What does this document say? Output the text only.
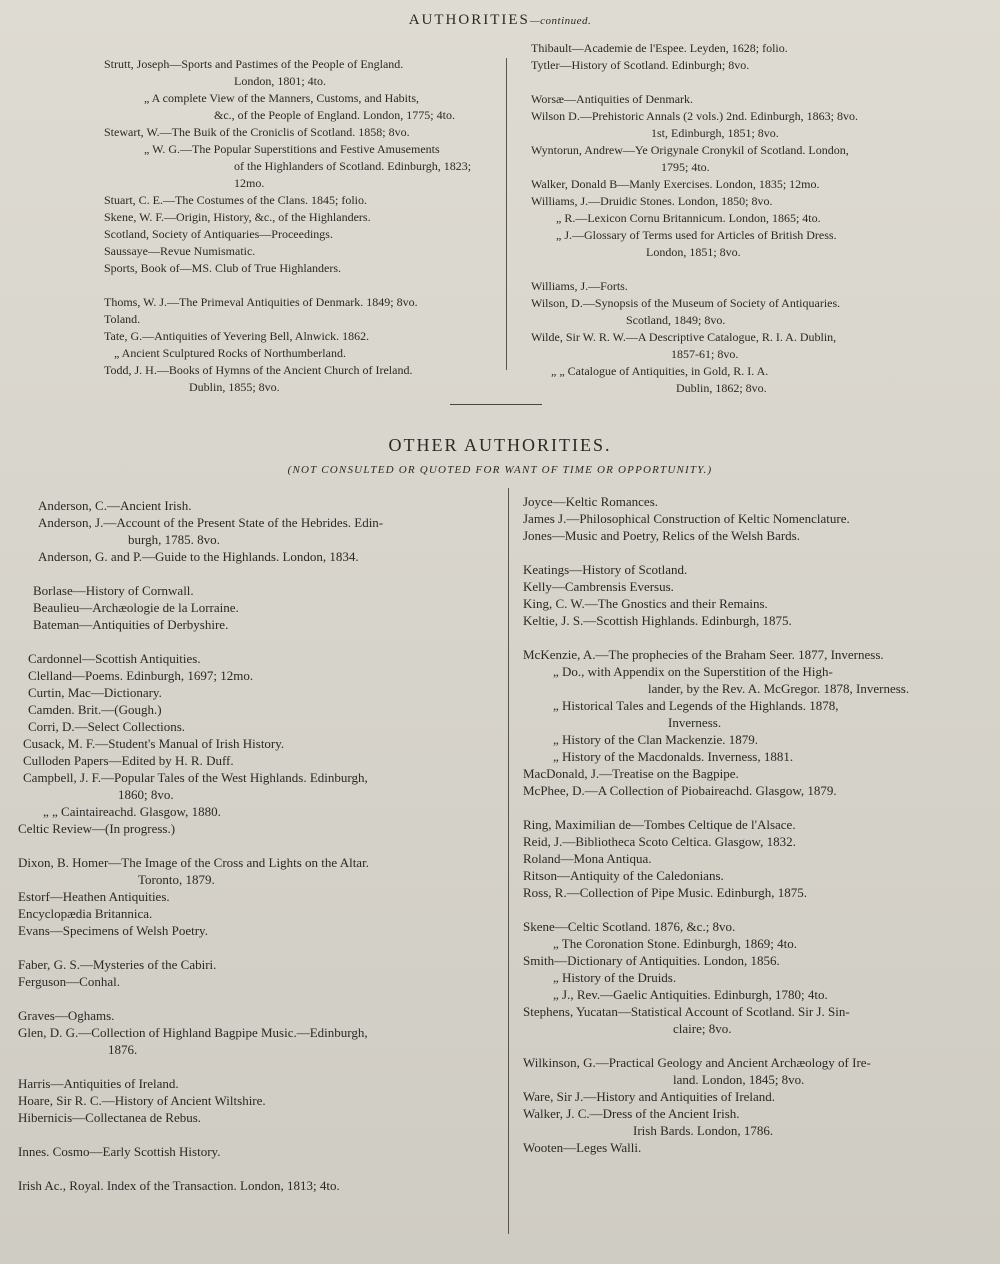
AUTHORITIES—continued.
Strutt, Joseph—Sports and Pastimes of the People of England.
London, 1801; 4to.
„ A complete View of the Manners, Customs, and Habits,
&c., of the People of England. London, 1775; 4to.
Stewart, W.—The Buik of the Croniclis of Scotland. 1858; 8vo.
„ W. G.—The Popular Superstitions and Festive Amusements
of the Highlanders of Scotland. Edinburgh, 1823;
12mo.
Stuart, C. E.—The Costumes of the Clans. 1845; folio.
Skene, W. F.—Origin, History, &c., of the Highlanders.
Scotland, Society of Antiquaries—Proceedings.
Saussaye—Revue Numismatic.
Sports, Book of—MS. Club of True Highlanders.
Thoms, W. J.—The Primeval Antiquities of Denmark. 1849; 8vo.
Toland.
Tate, G.—Antiquities of Yevering Bell, Alnwick. 1862.
„ Ancient Sculptured Rocks of Northumberland.
Todd, J. H.—Books of Hymns of the Ancient Church of Ireland.
Dublin, 1855; 8vo.
Thibault—Academie de l'Espee. Leyden, 1628; folio.
Tytler—History of Scotland. Edinburgh; 8vo.
Worsæ—Antiquities of Denmark.
Wilson D.—Prehistoric Annals (2 vols.) 2nd. Edinburgh, 1863; 8vo.
1st, Edinburgh, 1851; 8vo.
Wyntorun, Andrew—Ye Origynale Cronykil of Scotland. London,
1795; 4to.
Walker, Donald B—Manly Exercises. London, 1835; 12mo.
Williams, J.—Druidic Stones. London, 1850; 8vo.
„ R.—Lexicon Cornu Britannicum. London, 1865; 4to.
„ J.—Glossary of Terms used for Articles of British Dress.
London, 1851; 8vo.
Williams, J.—Forts.
Wilson, D.—Synopsis of the Museum of Society of Antiquaries.
Scotland, 1849; 8vo.
Wilde, Sir W. R. W.—A Descriptive Catalogue, R. I. A. Dublin,
1857-61; 8vo.
„ „ Catalogue of Antiquities, in Gold, R. I. A.
Dublin, 1862; 8vo.
OTHER AUTHORITIES.
(NOT CONSULTED OR QUOTED FOR WANT OF TIME OR OPPORTUNITY.)
Anderson, C.—Ancient Irish.
Anderson, J.—Account of the Present State of the Hebrides. Edin-
burgh, 1785. 8vo.
Anderson, G. and P.—Guide to the Highlands. London, 1834.
Borlase—History of Cornwall.
Beaulieu—Archæologie de la Lorraine.
Bateman—Antiquities of Derbyshire.
Cardonnel—Scottish Antiquities.
Clelland—Poems. Edinburgh, 1697; 12mo.
Curtin, Mac—Dictionary.
Camden. Brit.—(Gough.)
Corri, D.—Select Collections.
Cusack, M. F.—Student's Manual of Irish History.
Culloden Papers—Edited by H. R. Duff.
Campbell, J. F.—Popular Tales of the West Highlands. Edinburgh,
1860; 8vo.
„ „ Caintaireachd. Glasgow, 1880.
Celtic Review—(In progress.)
Dixon, B. Homer—The Image of the Cross and Lights on the Altar.
Toronto, 1879.
Estorf—Heathen Antiquities.
Encyclopædia Britannica.
Evans—Specimens of Welsh Poetry.
Faber, G. S.—Mysteries of the Cabiri.
Ferguson—Conhal.
Graves—Oghams.
Glen, D. G.—Collection of Highland Bagpipe Music.—Edinburgh,
1876.
Harris—Antiquities of Ireland.
Hoare, Sir R. C.—History of Ancient Wiltshire.
Hibernicis—Collectanea de Rebus.
Innes. Cosmo—Early Scottish History.
Irish Ac., Royal. Index of the Transaction. London, 1813; 4to.
Joyce—Keltic Romances.
James J.—Philosophical Construction of Keltic Nomenclature.
Jones—Music and Poetry, Relics of the Welsh Bards.
Keatings—History of Scotland.
Kelly—Cambrensis Eversus.
King, C. W.—The Gnostics and their Remains.
Keltie, J. S.—Scottish Highlands. Edinburgh, 1875.
McKenzie, A.—The prophecies of the Braham Seer. 1877, Inverness.
„ Do., with Appendix on the Superstition of the High-
lander, by the Rev. A. McGregor. 1878, Inverness.
„ Historical Tales and Legends of the Highlands. 1878,
Inverness.
„ History of the Clan Mackenzie. 1879.
„ History of the Macdonalds. Inverness, 1881.
MacDonald, J.—Treatise on the Bagpipe.
McPhee, D.—A Collection of Piobaireachd. Glasgow, 1879.
Ring, Maximilian de—Tombes Celtique de l'Alsace.
Reid, J.—Bibliotheca Scoto Celtica. Glasgow, 1832.
Roland—Mona Antiqua.
Ritson—Antiquity of the Caledonians.
Ross, R.—Collection of Pipe Music. Edinburgh, 1875.
Skene—Celtic Scotland. 1876, &c.; 8vo.
„ The Coronation Stone. Edinburgh, 1869; 4to.
Smith—Dictionary of Antiquities. London, 1856.
„ History of the Druids.
„ J., Rev.—Gaelic Antiquities. Edinburgh, 1780; 4to.
Stephens, Yucatan—Statistical Account of Scotland. Sir J. Sin-
claire; 8vo.
Wilkinson, G.—Practical Geology and Ancient Archæology of Ire-
land. London, 1845; 8vo.
Ware, Sir J.—History and Antiquities of Ireland.
Walker, J. C.—Dress of the Ancient Irish.
Irish Bards. London, 1786.
Wooten—Leges Walli.
